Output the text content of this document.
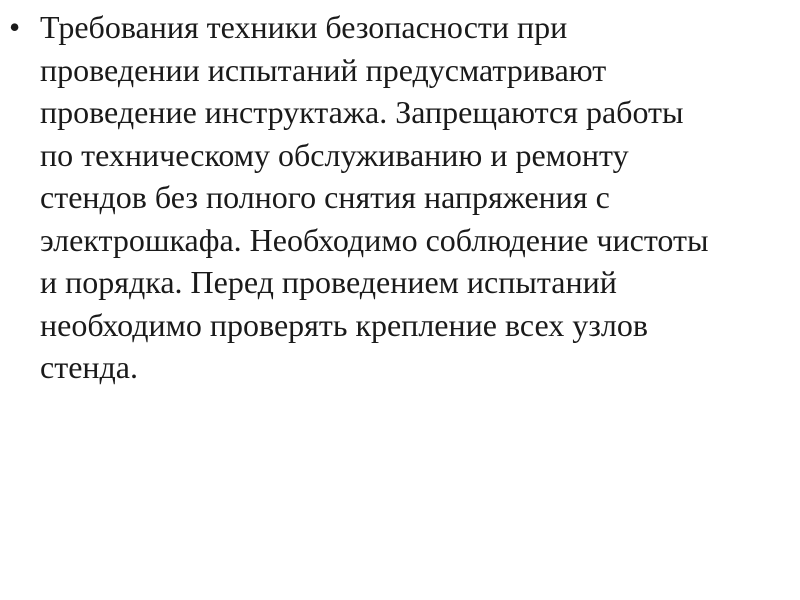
• Требования техники безопасности при
проведении испытаний предусматривают
проведение инструктажа. Запрещаются работы
по техническому обслуживанию и ремонту
стендов без полного снятия напряжения с
электрошкафа. Необходимо соблюдение чистоты
и порядка. Перед проведением испытаний
необходимо проверять крепление всех узлов
стенда.
